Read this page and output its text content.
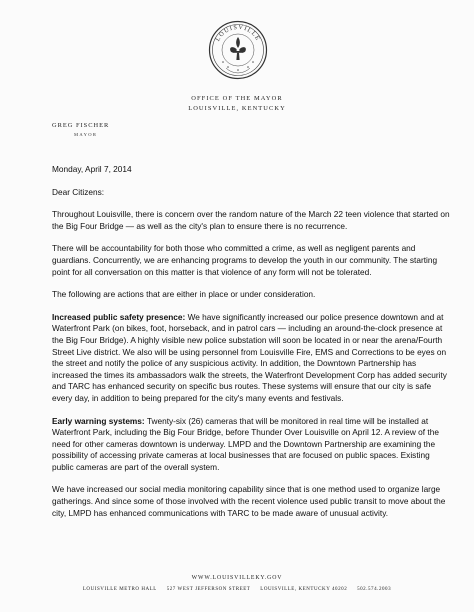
LOUISVILLE
OFFICE OF THE MAYOR
LOUISVILLE, KENTUCKY
GREG FISCHER
MAYOR

Monday, April 7, 2014

Dear Citizens:

Throughout Louisville, there is concern over the random nature of the March 22 teen violence that started on the Big Four Bridge — as well as the city's plan to ensure there is no recurrence.

There will be accountability for both those who committed a crime, as well as negligent parents and guardians. Concurrently, we are enhancing programs to develop the youth in our community. The starting point for all conversation on this matter is that violence of any form will not be tolerated.

The following are actions that are either in place or under consideration.

Increased public safety presence: We have significantly increased our police presence downtown and at Waterfront Park (on bikes, foot, horseback, and in patrol cars — including an around-the-clock presence at the Big Four Bridge). A highly visible new police substation will soon be located in or near the arena/Fourth Street Live district. We also will be using personnel from Louisville Fire, EMS and Corrections to be eyes on the street and notify the police of any suspicious activity. In addition, the Downtown Partnership has increased the times its ambassadors walk the streets, the Waterfront Development Corp has added security and TARC has enhanced security on specific bus routes. These systems will ensure that our city is safe every day, in addition to being prepared for the city's many events and festivals.

Early warning systems: Twenty-six (26) cameras that will be monitored in real time will be installed at Waterfront Park, including the Big Four Bridge, before Thunder Over Louisville on April 12. A review of the need for other cameras downtown is underway. LMPD and the Downtown Partnership are examining the possibility of accessing private cameras at local businesses that are focused on public spaces. Existing public cameras are part of the overall system.

We have increased our social media monitoring capability since that is one method used to organize large gatherings. And since some of those involved with the recent violence used public transit to move about the city, LMPD has enhanced communications with TARC to be made aware of unusual activity.

WWW.LOUISVILLEKY.GOV
LOUISVILLE METRO HALL 527 WEST JEFFERSON STREET LOUISVILLE, KENTUCKY 40202 502.574.2003
